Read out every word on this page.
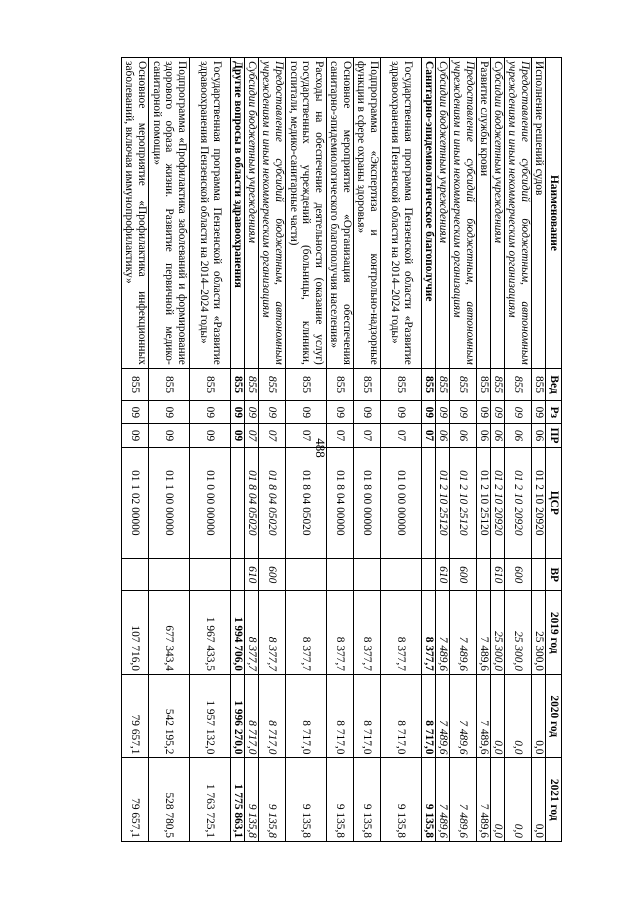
488
Наименование	Вед	Рз	ПР	ЦСР	ВР	2019 год	2020 год	2021 год
Исполнение решений судов	855	09	06	01 2 10 20920		25 300,0	0,0	0,0
Предоставление субсидий бюджетным, автономным учреждениям и иным некоммерческим организациям	855	09	06	01 2 10 20920	600	25 300,0	0,0	0,0
Субсидии бюджетным учреждениям	855	09	06	01 2 10 20920	610	25 300,0	0,0	0,0
Развитие службы крови	855	09	06	01 2 10 25120		7 489,6	7 489,6	7 489,6
Предоставление субсидий бюджетным, автономным учреждениям и иным некоммерческим организациям	855	09	06	01 2 10 25120	600	7 489,6	7 489,6	7 489,6
Субсидии бюджетным учреждениям	855	09	06	01 2 10 25120	610	7 489,6	7 489,6	7 489,6
Санитарно-эпидемиологическое благополучие	855	09	07			8 377,7	8 717,0	9 135,8
Государственная программа Пензенской области «Развитие здравоохранения Пензенской области на 2014–2024 годы»	855	09	07	01 0 00 00000		8 377,7	8 717,0	9 135,8
Подпрограмма «Экспертиза и контрольно-надзорные функции в сфере охраны здоровья»	855	09	07	01 8 00 00000		8 377,7	8 717,0	9 135,8
Основное мероприятие «Организация обеспечения санитарно-эпидемиологического благополучия населения»	855	09	07	01 8 04 00000		8 377,7	8 717,0	9 135,8
Расходы на обеспечение деятельности (оказание услуг) государственных учреждений (больницы, клиники, госпитали, медико-санитарные части)	855	09	07	01 8 04 05020		8 377,7	8 717,0	9 135,8
Предоставление субсидий бюджетным, автономным учреждениям и иным некоммерческим организациям	855	09	07	01 8 04 05020	600	8 377,7	8 717,0	9 135,8
Субсидии бюджетным учреждениям	855	09	07	01 8 04 05020	610	8 377,7	8 717,0	9 135,8
Другие вопросы в области здравоохранения	855	09	09			1 994 706,0	1 996 270,0	1 775 863,1
Государственная программа Пензенской области «Развитие здравоохранения Пензенской области на 2014–2024 годы»	855	09	09	01 0 00 00000		1 967 433,5	1 957 132,0	1 763 725,1
Подпрограмма «Профилактика заболеваний и формирование здорового образа жизни. Развитие первичной медико-санитарной помощи»	855	09	09	01 1 00 00000		677 343,4	542 195,2	528 780,5
Основное мероприятие «Профилактика инфекционных заболеваний, включая иммунопрофилактику»	855	09	09	01 1 02 00000		107 716,0	79 657,1	79 657,1
